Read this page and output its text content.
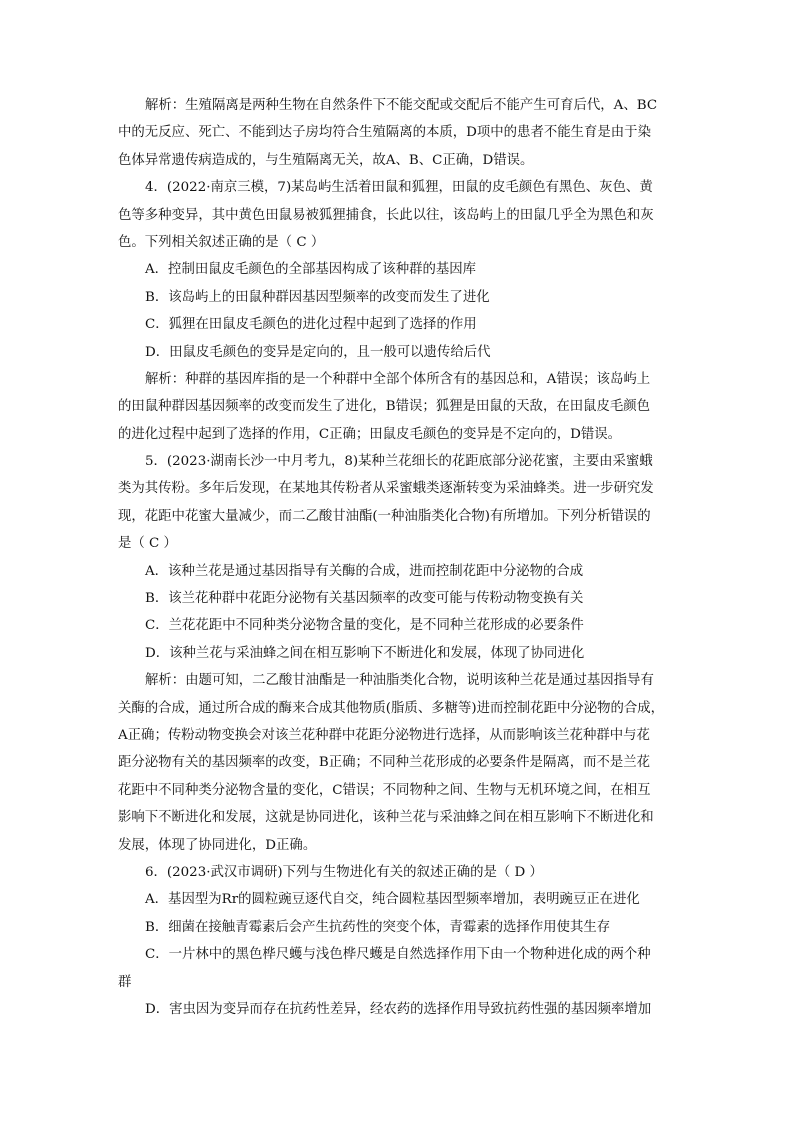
解析：生殖隔离是两种生物在自然条件下不能交配或交配后不能产生可育后代，A、BC
中的无反应、死亡、不能到达子房均符合生殖隔离的本质，D项中的患者不能生育是由于染
色体异常遗传病造成的，与生殖隔离无关，故A、B、C正确，D错误。
4．(2022·南京三模，7)某岛屿生活着田鼠和狐狸，田鼠的皮毛颜色有黑色、灰色、黄
色等多种变异，其中黄色田鼠易被狐狸捕食，长此以往，该岛屿上的田鼠几乎全为黑色和灰
色。下列相关叙述正确的是（ C ）
A．控制田鼠皮毛颜色的全部基因构成了该种群的基因库
B．该岛屿上的田鼠种群因基因型频率的改变而发生了进化
C．狐狸在田鼠皮毛颜色的进化过程中起到了选择的作用
D．田鼠皮毛颜色的变异是定向的，且一般可以遗传给后代
解析：种群的基因库指的是一个种群中全部个体所含有的基因总和，A错误；该岛屿上
的田鼠种群因基因频率的改变而发生了进化，B错误；狐狸是田鼠的天敌，在田鼠皮毛颜色
的进化过程中起到了选择的作用，C正确；田鼠皮毛颜色的变异是不定向的，D错误。
5．(2023·湖南长沙一中月考九，8)某种兰花细长的花距底部分泌花蜜，主要由采蜜蛾
类为其传粉。多年后发现，在某地其传粉者从采蜜蛾类逐渐转变为采油蜂类。进一步研究发
现，花距中花蜜大量减少，而二乙酸甘油酯(一种油脂类化合物)有所增加。下列分析错误的
是（ C ）
A．该种兰花是通过基因指导有关酶的合成，进而控制花距中分泌物的合成
B．该兰花种群中花距分泌物有关基因频率的改变可能与传粉动物变换有关
C．兰花花距中不同种类分泌物含量的变化，是不同种兰花形成的必要条件
D．该种兰花与采油蜂之间在相互影响下不断进化和发展，体现了协同进化
解析：由题可知，二乙酸甘油酯是一种油脂类化合物，说明该种兰花是通过基因指导有
关酶的合成，通过所合成的酶来合成其他物质(脂质、多糖等)进而控制花距中分泌物的合成，
A正确；传粉动物变换会对该兰花种群中花距分泌物进行选择，从而影响该兰花种群中与花
距分泌物有关的基因频率的改变，B正确；不同种兰花形成的必要条件是隔离，而不是兰花
花距中不同种类分泌物含量的变化，C错误；不同物种之间、生物与无机环境之间，在相互
影响下不断进化和发展，这就是协同进化，该种兰花与采油蜂之间在相互影响下不断进化和
发展，体现了协同进化，D正确。
6．(2023·武汉市调研)下列与生物进化有关的叙述正确的是（ D ）
A．基因型为Rr的圆粒豌豆逐代自交，纯合圆粒基因型频率增加，表明豌豆正在进化
B．细菌在接触青霉素后会产生抗药性的突变个体，青霉素的选择作用使其生存
C．一片林中的黑色桦尺蠖与浅色桦尺蠖是自然选择作用下由一个物种进化成的两个种
群
D．害虫因为变异而存在抗药性差异，经农药的选择作用导致抗药性强的基因频率增加
